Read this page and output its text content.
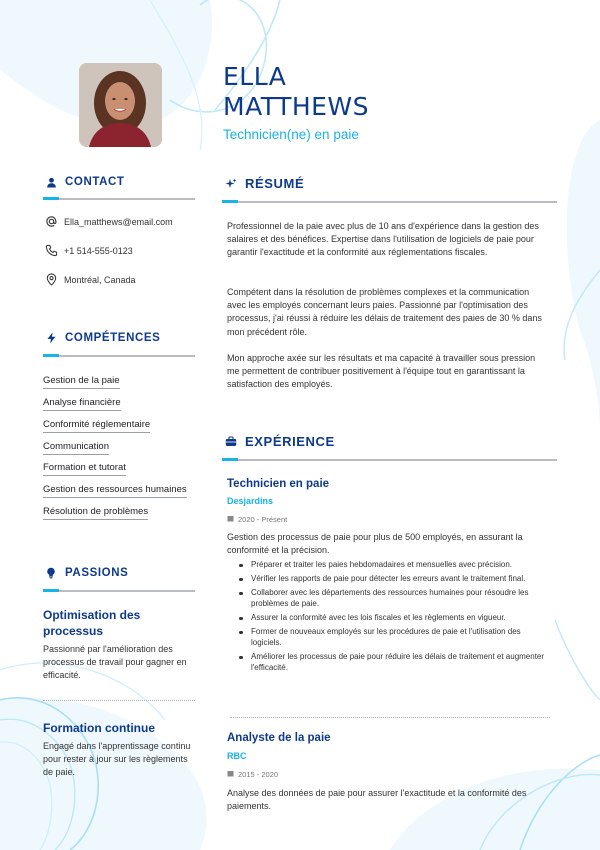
ELLA
MATTHEWS
Technicien(ne) en paie
CONTACT
Ella_matthews@email.com
+1 514-555-0123
Montréal, Canada
COMPÉTENCES
Gestion de la paie
Analyse financière
Conformité réglementaire
Communication
Formation et tutorat
Gestion des ressources humaines
Résolution de problèmes
PASSIONS
Optimisation des processus
Passionné par l'amélioration des processus de travail pour gagner en efficacité.
Formation continue
Engagé dans l'apprentissage continu pour rester à jour sur les règlements de paie.
RÉSUMÉ
Professionnel de la paie avec plus de 10 ans d'expérience dans la gestion des salaires et des bénéfices. Expertise dans l'utilisation de logiciels de paie pour garantir l'exactitude et la conformité aux réglementations fiscales.
Compétent dans la résolution de problèmes complexes et la communication avec les employés concernant leurs paies. Passionné par l'optimisation des processus, j'ai réussi à réduire les délais de traitement des paies de 30 % dans mon précédent rôle.
Mon approche axée sur les résultats et ma capacité à travailler sous pression me permettent de contribuer positivement à l'équipe tout en garantissant la satisfaction des employés.
EXPÉRIENCE
Technicien en paie
Desjardins
2020 - Présent
Gestion des processus de paie pour plus de 500 employés, en assurant la conformité et la précision.
Préparer et traiter les paies hebdomadaires et mensuelles avec précision.
Vérifier les rapports de paie pour détecter les erreurs avant le traitement final.
Collaborer avec les départements des ressources humaines pour résoudre les problèmes de paie.
Assurer la conformité avec les lois fiscales et les règlements en vigueur.
Former de nouveaux employés sur les procédures de paie et l'utilisation des logiciels.
Améliorer les processus de paie pour réduire les délais de traitement et augmenter l'efficacité.
Analyste de la paie
RBC
2015 - 2020
Analyse des données de paie pour assurer l'exactitude et la conformité des paiements.
